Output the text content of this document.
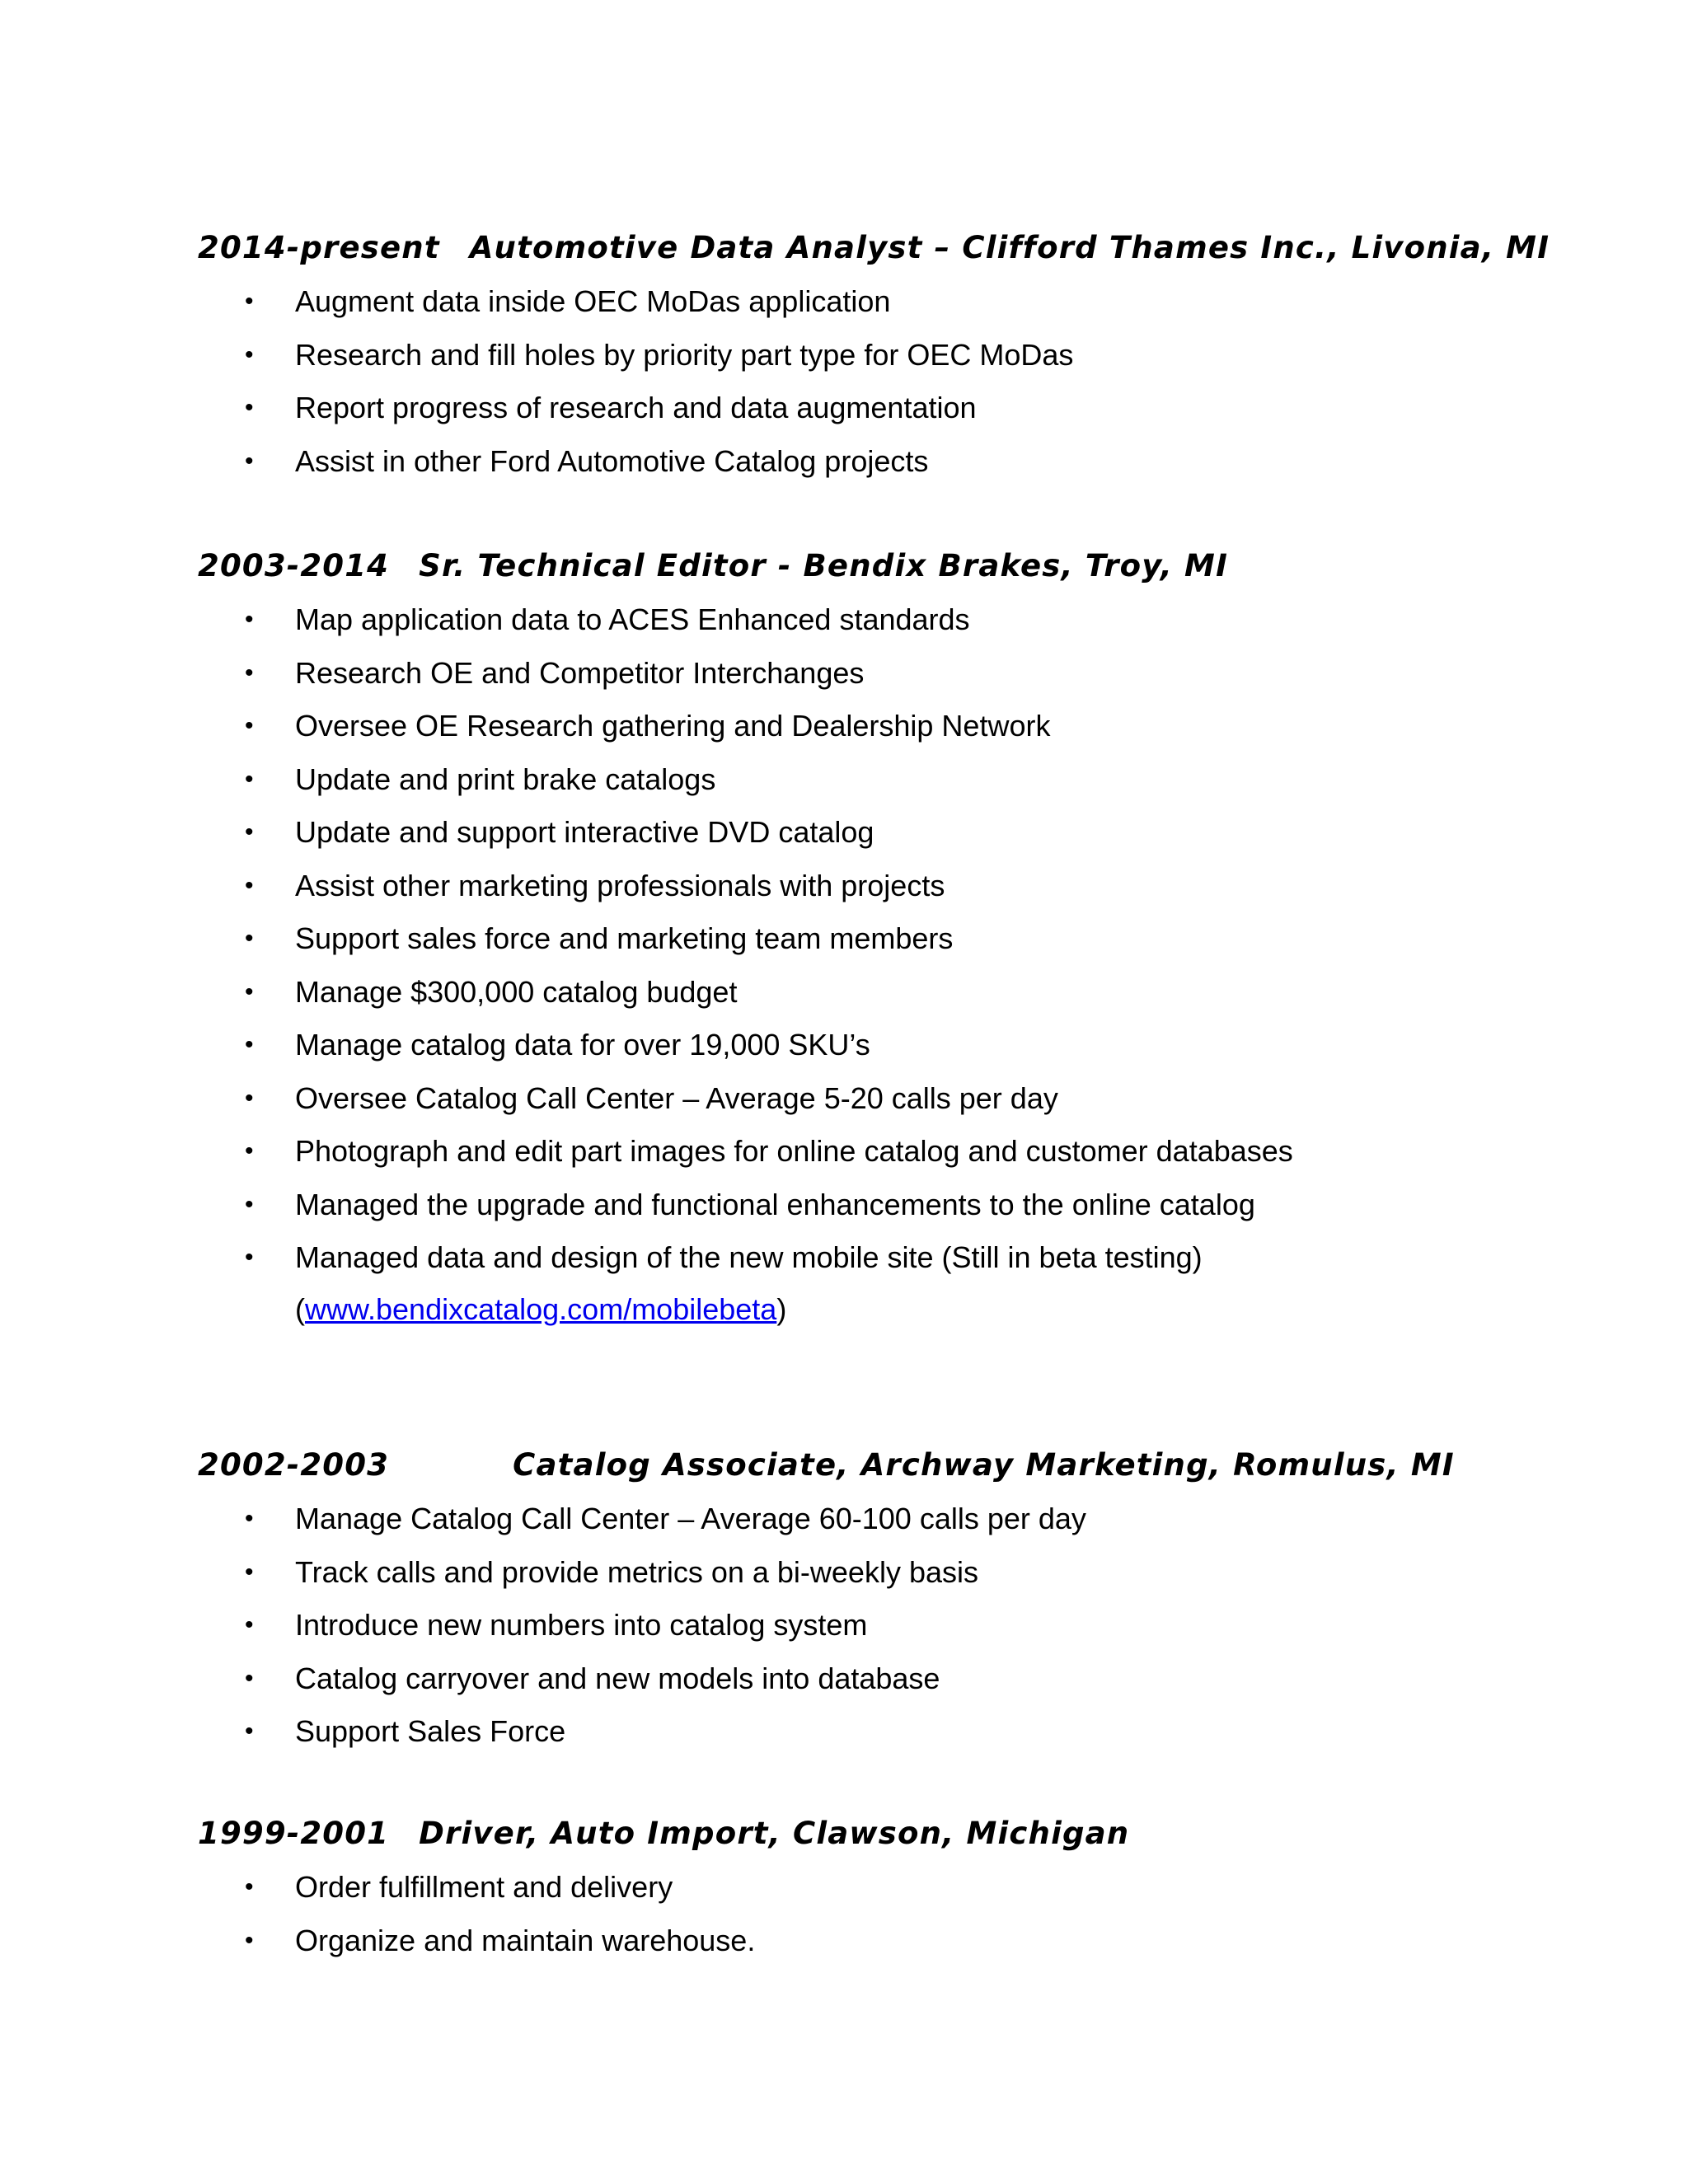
2014-present Automotive Data Analyst – Clifford Thames Inc., Livonia, MI
• Augment data inside OEC MoDas application
• Research and fill holes by priority part type for OEC MoDas
• Report progress of research and data augmentation
• Assist in other Ford Automotive Catalog projects
2003-2014 Sr. Technical Editor - Bendix Brakes, Troy, MI
• Map application data to ACES Enhanced standards
• Research OE and Competitor Interchanges
• Oversee OE Research gathering and Dealership Network
• Update and print brake catalogs
• Update and support interactive DVD catalog
• Assist other marketing professionals with projects
• Support sales force and marketing team members
• Manage $300,000 catalog budget
• Manage catalog data for over 19,000 SKU’s
• Oversee Catalog Call Center – Average 5-20 calls per day
• Photograph and edit part images for online catalog and customer databases
• Managed the upgrade and functional enhancements to the online catalog
• Managed data and design of the new mobile site (Still in beta testing)
(www.bendixcatalog.com/mobilebeta)
2002-2003	Catalog Associate, Archway Marketing, Romulus, MI
• Manage Catalog Call Center – Average 60-100 calls per day
• Track calls and provide metrics on a bi-weekly basis
• Introduce new numbers into catalog system
• Catalog carryover and new models into database
• Support Sales Force
1999-2001 Driver, Auto Import, Clawson, Michigan
• Order fulfillment and delivery
• Organize and maintain warehouse.
